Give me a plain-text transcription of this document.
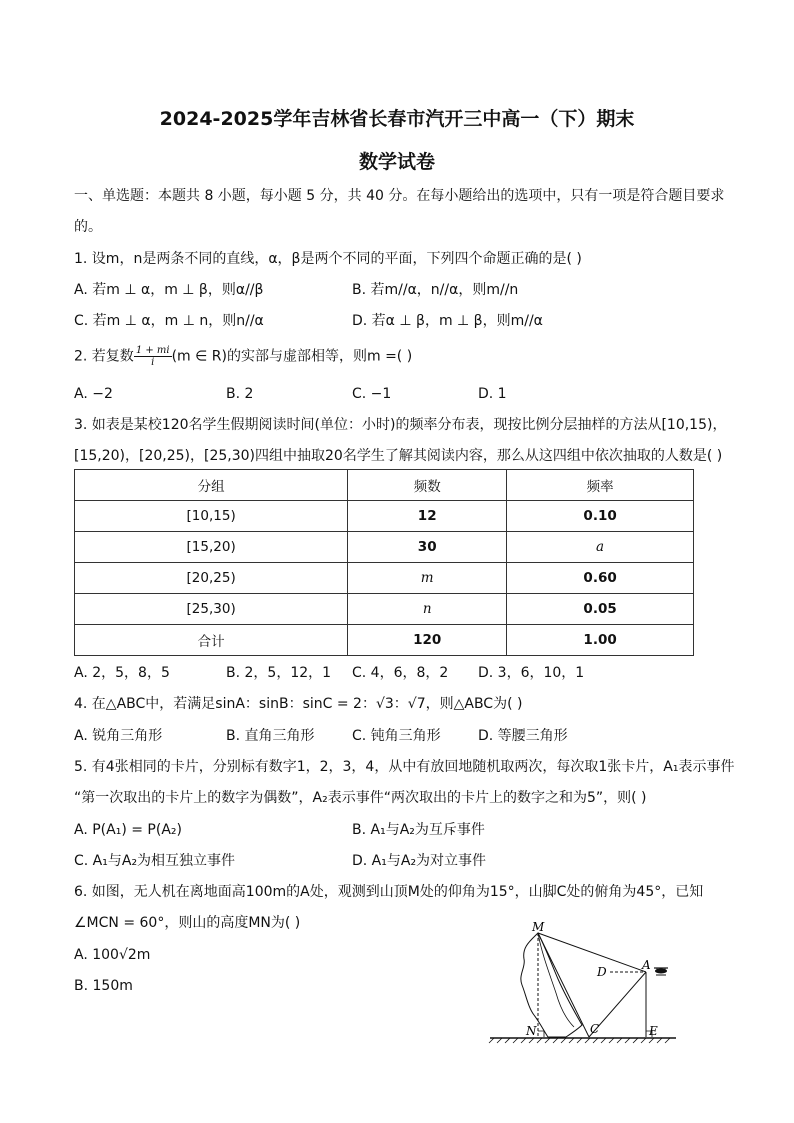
2024-2025学年吉林省长春市汽开三中高一（下）期末
数学试卷
一、单选题：本题共 8 小题，每小题 5 分，共 40 分。在每小题给出的选项中，只有一项是符合题目要求
的。
1. 设m，n是两条不同的直线，α，β是两个不同的平面，下列四个命题正确的是( )
A. 若m ⊥ α，m ⊥ β，则α//β	B. 若m//α，n//α，则m//n
C. 若m ⊥ α，m ⊥ n，则n//α	D. 若α ⊥ β，m ⊥ β，则m//α
2. 若复数 $\frac{1 + mi}{i} (m$ ∈ R)的实部与虚部相等，则m =( )
A. −2	B. 2	C. −1	D. 1
3. 如表是某校120名学生假期阅读时间(单位：小时)的频率分布表，现按比例分层抽样的方法从[10,15)，
[15,20)，[20,25)，[25,30)四组中抽取20名学生了解其阅读内容，那么从这四组中依次抽取的人数是( )
分组	频数	频率
[10,15)	12	0.10
[15,20)	30	a
[20,25)	m	0.60
[25,30)	n	0.05
合计	120	1.00
A. 2，5，8，5	B. 2，5，12，1 C. 4，6，8，2 D. 3，6，10，1
4. 在△ABC中，若满足sinA：sinB：sinC = 2：√3：√7，则△ABC为( )
A. 锐角三角形	B. 直角三角形	C. 钝角三角形	D. 等腰三角形
5. 有4张相同的卡片，分别标有数字1，2，3，4，从中有放回地随机取两次，每次取1张卡片，A₁表示事件
“第一次取出的卡片上的数字为偶数”，A₂表示事件“两次取出的卡片上的数字之和为5”，则( )
A. P(A₁) = P(A₂)	B. A₁与A₂为互斥事件
C. A₁与A₂为相互独立事件	D. A₁与A₂为对立事件
6. 如图，无人机在离地面高100m的A处，观测到山顶M处的仰角为15°，山脚C处的俯角为45°，已知
∠MCN = 60°，则山的高度MN为( )
A. 100√2m
B. 150m
M
A
D
N	C	E
